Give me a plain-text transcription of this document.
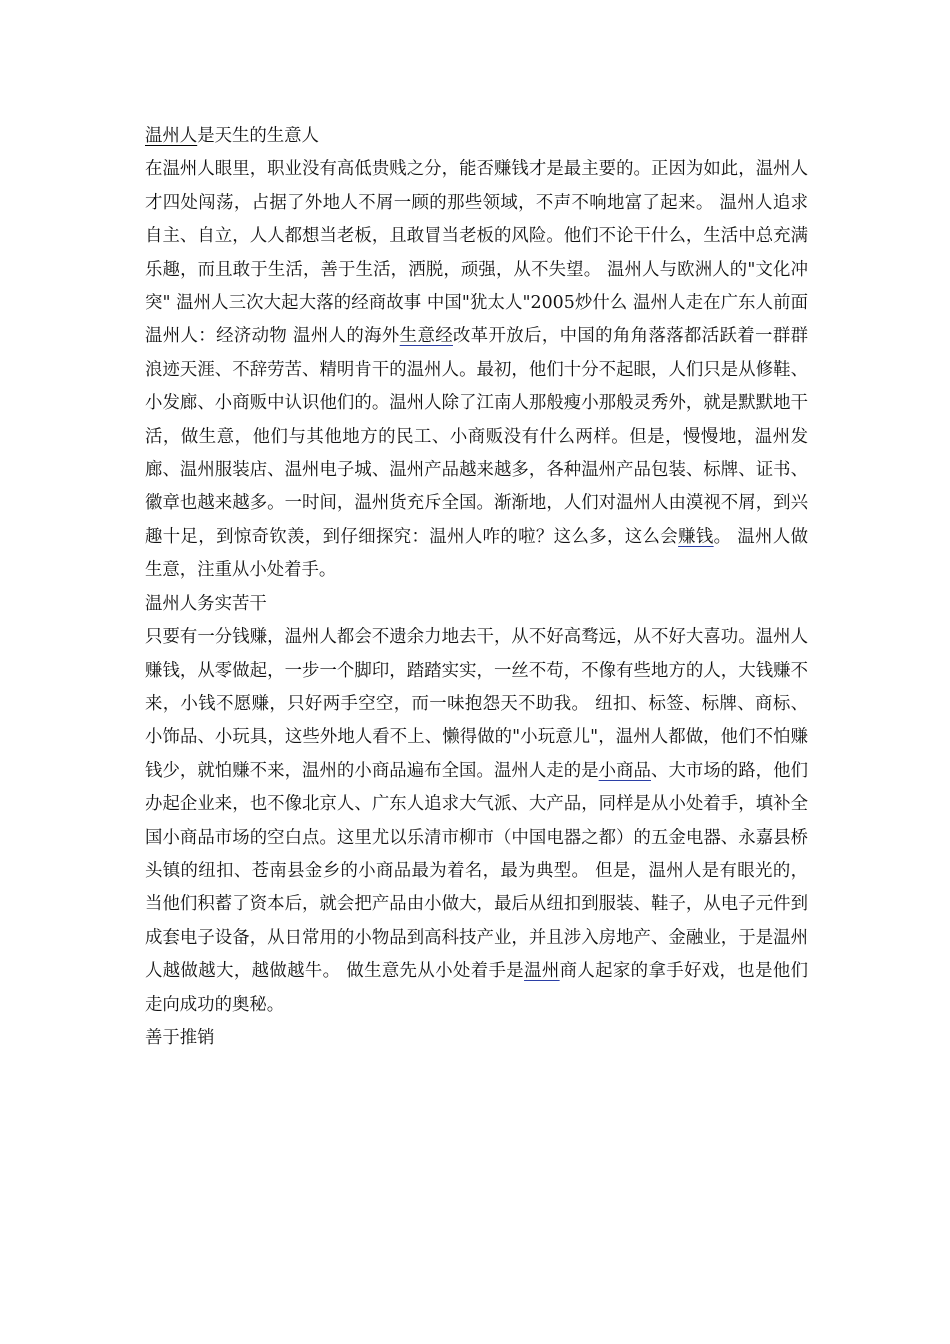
温州人是天生的生意人

在温州人眼里，职业没有高低贵贱之分，能否赚钱才是最主要的。正因为如此，温州人才四处闯荡，占据了外地人不屑一顾的那些领域，不声不响地富了起来。 温州人追求自主、自立，人人都想当老板，且敢冒当老板的风险。他们不论干什么，生活中总充满乐趣，而且敢于生活，善于生活，洒脱，顽强，从不失望。 温州人与欧洲人的"文化冲突" 温州人三次大起大落的经商故事 中国"犹太人"2005炒什么 温州人走在广东人前面 温州人：经济动物 温州人的海外生意经改革开放后，中国的角角落落都活跃着一群群浪迹天涯、不辞劳苦、精明肯干的温州人。最初，他们十分不起眼，人们只是从修鞋、小发廊、小商贩中认识他们的。温州人除了江南人那般瘦小那般灵秀外，就是默默地干活，做生意，他们与其他地方的民工、小商贩没有什么两样。但是，慢慢地，温州发廊、温州服装店、温州电子城、温州产品越来越多，各种温州产品包装、标牌、证书、徽章也越来越多。一时间，温州货充斥全国。渐渐地，人们对温州人由漠视不屑，到兴趣十足，到惊奇钦羡，到仔细探究：温州人咋的啦？这么多，这么会赚钱。 温州人做生意，注重从小处着手。

温州人务实苦干

只要有一分钱赚，温州人都会不遗余力地去干，从不好高骛远，从不好大喜功。温州人赚钱，从零做起，一步一个脚印，踏踏实实，一丝不苟，不像有些地方的人，大钱赚不来，小钱不愿赚，只好两手空空，而一味抱怨天不助我。 纽扣、标签、标牌、商标、小饰品、小玩具，这些外地人看不上、懒得做的"小玩意儿"，温州人都做，他们不怕赚钱少，就怕赚不来，温州的小商品遍布全国。温州人走的是小商品、大市场的路，他们办起企业来，也不像北京人、广东人追求大气派、大产品，同样是从小处着手，填补全国小商品市场的空白点。这里尤以乐清市柳市（中国电器之都）的五金电器、永嘉县桥头镇的纽扣、苍南县金乡的小商品最为着名，最为典型。 但是，温州人是有眼光的，当他们积蓄了资本后，就会把产品由小做大，最后从纽扣到服装、鞋子，从电子元件到成套电子设备，从日常用的小物品到高科技产业，并且涉入房地产、金融业，于是温州人越做越大，越做越牛。 做生意先从小处着手是温州商人起家的拿手好戏，也是他们走向成功的奥秘。

善于推销
